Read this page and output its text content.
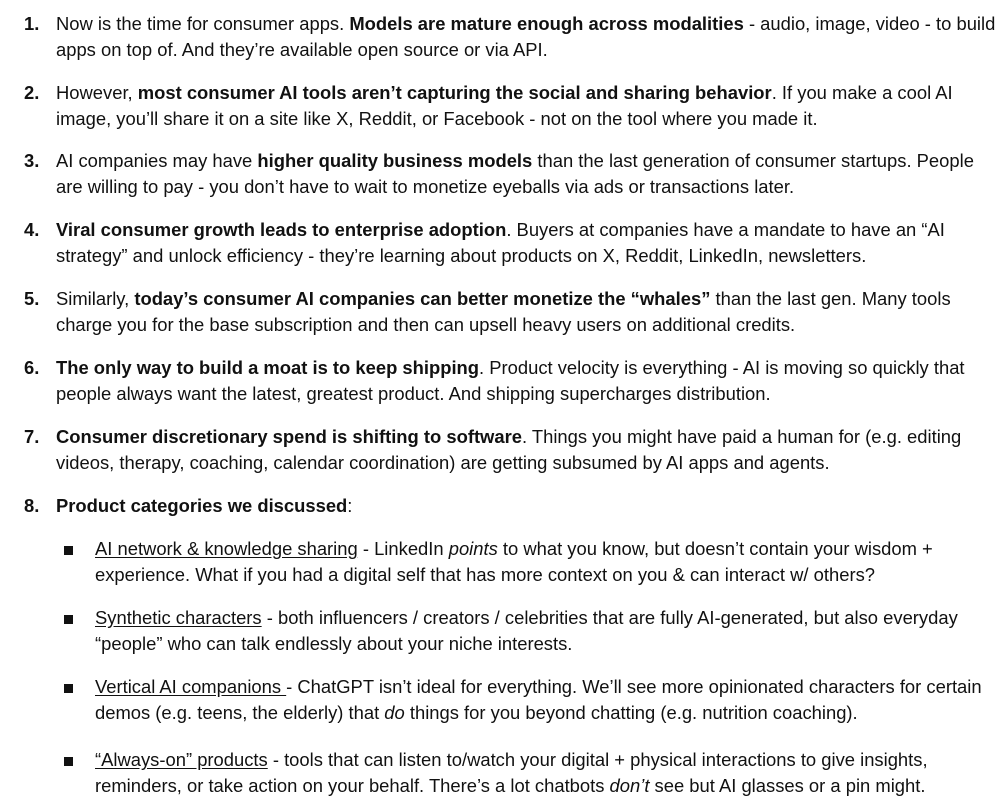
1. Now is the time for consumer apps. Models are mature enough across modalities - audio, image, video - to build apps on top of. And they’re available open source or via API.
2. However, most consumer AI tools aren’t capturing the social and sharing behavior. If you make a cool AI image, you’ll share it on a site like X, Reddit, or Facebook - not on the tool where you made it.
3. AI companies may have higher quality business models than the last generation of consumer startups. People are willing to pay - you don’t have to wait to monetize eyeballs via ads or transactions later.
4. Viral consumer growth leads to enterprise adoption. Buyers at companies have a mandate to have an “AI strategy” and unlock efficiency - they’re learning about products on X, Reddit, LinkedIn, newsletters.
5. Similarly, today’s consumer AI companies can better monetize the “whales” than the last gen. Many tools charge you for the base subscription and then can upsell heavy users on additional credits.
6. The only way to build a moat is to keep shipping. Product velocity is everything - AI is moving so quickly that people always want the latest, greatest product. And shipping supercharges distribution.
7. Consumer discretionary spend is shifting to software. Things you might have paid a human for (e.g. editing videos, therapy, coaching, calendar coordination) are getting subsumed by AI apps and agents.
8. Product categories we discussed:
AI network & knowledge sharing - LinkedIn points to what you know, but doesn’t contain your wisdom + experience. What if you had a digital self that has more context on you & can interact w/ others?
Synthetic characters - both influencers / creators / celebrities that are fully AI-generated, but also everyday “people” who can talk endlessly about your niche interests.
Vertical AI companions - ChatGPT isn’t ideal for everything. We’ll see more opinionated characters for certain demos (e.g. teens, the elderly) that do things for you beyond chatting (e.g. nutrition coaching).
“Always-on” products - tools that can listen to/watch your digital + physical interactions to give insights, reminders, or take action on your behalf. There’s a lot chatbots don’t see but AI glasses or a pin might.
